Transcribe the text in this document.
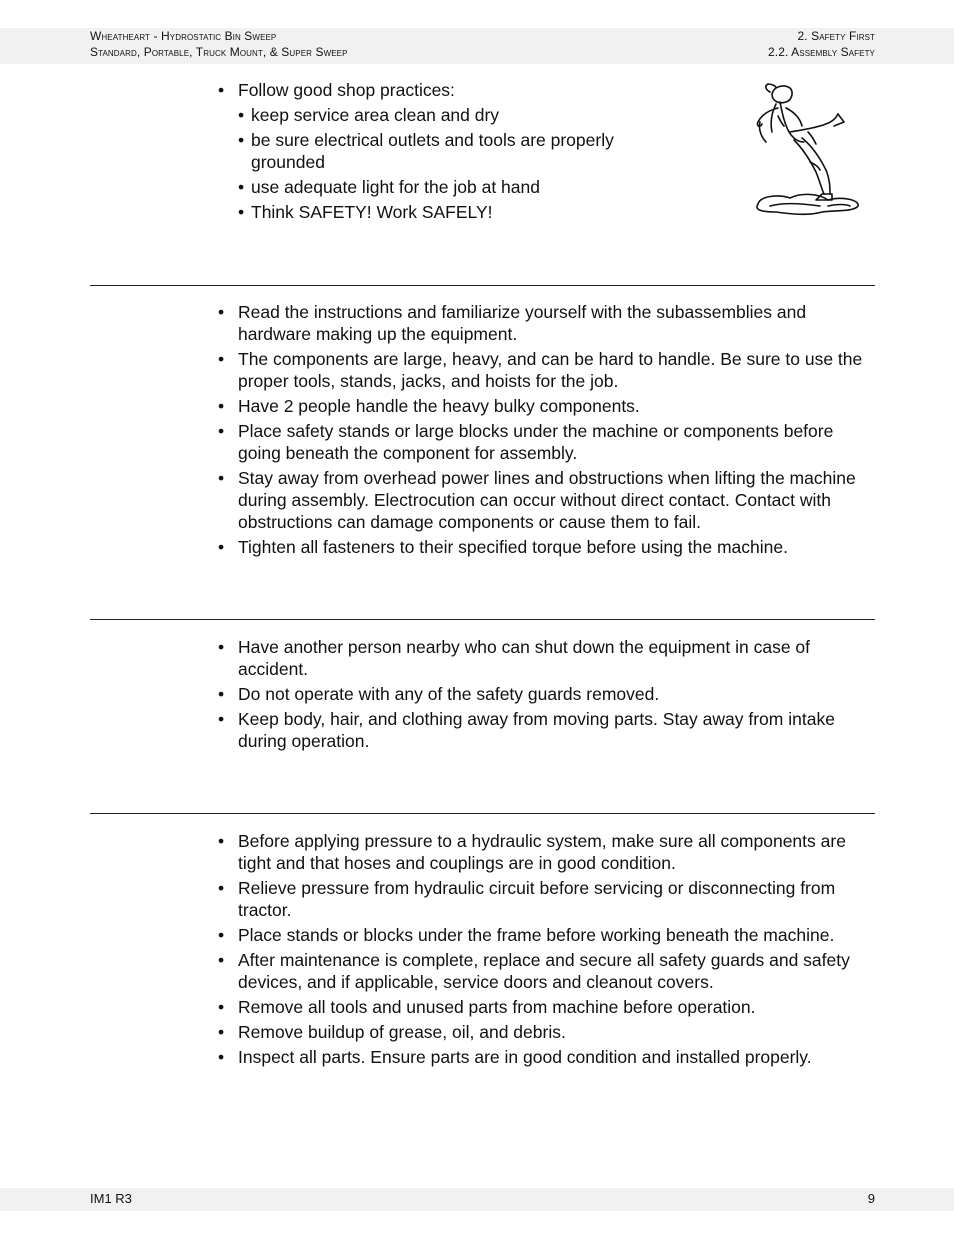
Wheatheart - Hydrostatic Bin Sweep
Standard, Portable, Truck Mount, & Super Sweep
2. Safety First
2.2. Assembly Safety
• Follow good shop practices:
• keep service area clean and dry
• be sure electrical outlets and tools are properly grounded
• use adequate light for the job at hand
• Think SAFETY! Work SAFELY!
• Read the instructions and familiarize yourself with the subassemblies and hardware making up the equipment.
• The components are large, heavy, and can be hard to handle. Be sure to use the proper tools, stands, jacks, and hoists for the job.
• Have 2 people handle the heavy bulky components.
• Place safety stands or large blocks under the machine or components before going beneath the component for assembly.
• Stay away from overhead power lines and obstructions when lifting the machine during assembly. Electrocution can occur without direct contact. Contact with obstructions can damage components or cause them to fail.
• Tighten all fasteners to their specified torque before using the machine.
• Have another person nearby who can shut down the equipment in case of accident.
• Do not operate with any of the safety guards removed.
• Keep body, hair, and clothing away from moving parts. Stay away from intake during operation.
• Before applying pressure to a hydraulic system, make sure all components are tight and that hoses and couplings are in good condition.
• Relieve pressure from hydraulic circuit before servicing or disconnecting from tractor.
• Place stands or blocks under the frame before working beneath the machine.
• After maintenance is complete, replace and secure all safety guards and safety devices, and if applicable, service doors and cleanout covers.
• Remove all tools and unused parts from machine before operation.
• Remove buildup of grease, oil, and debris.
• Inspect all parts. Ensure parts are in good condition and installed properly.
IM1 R3	9
